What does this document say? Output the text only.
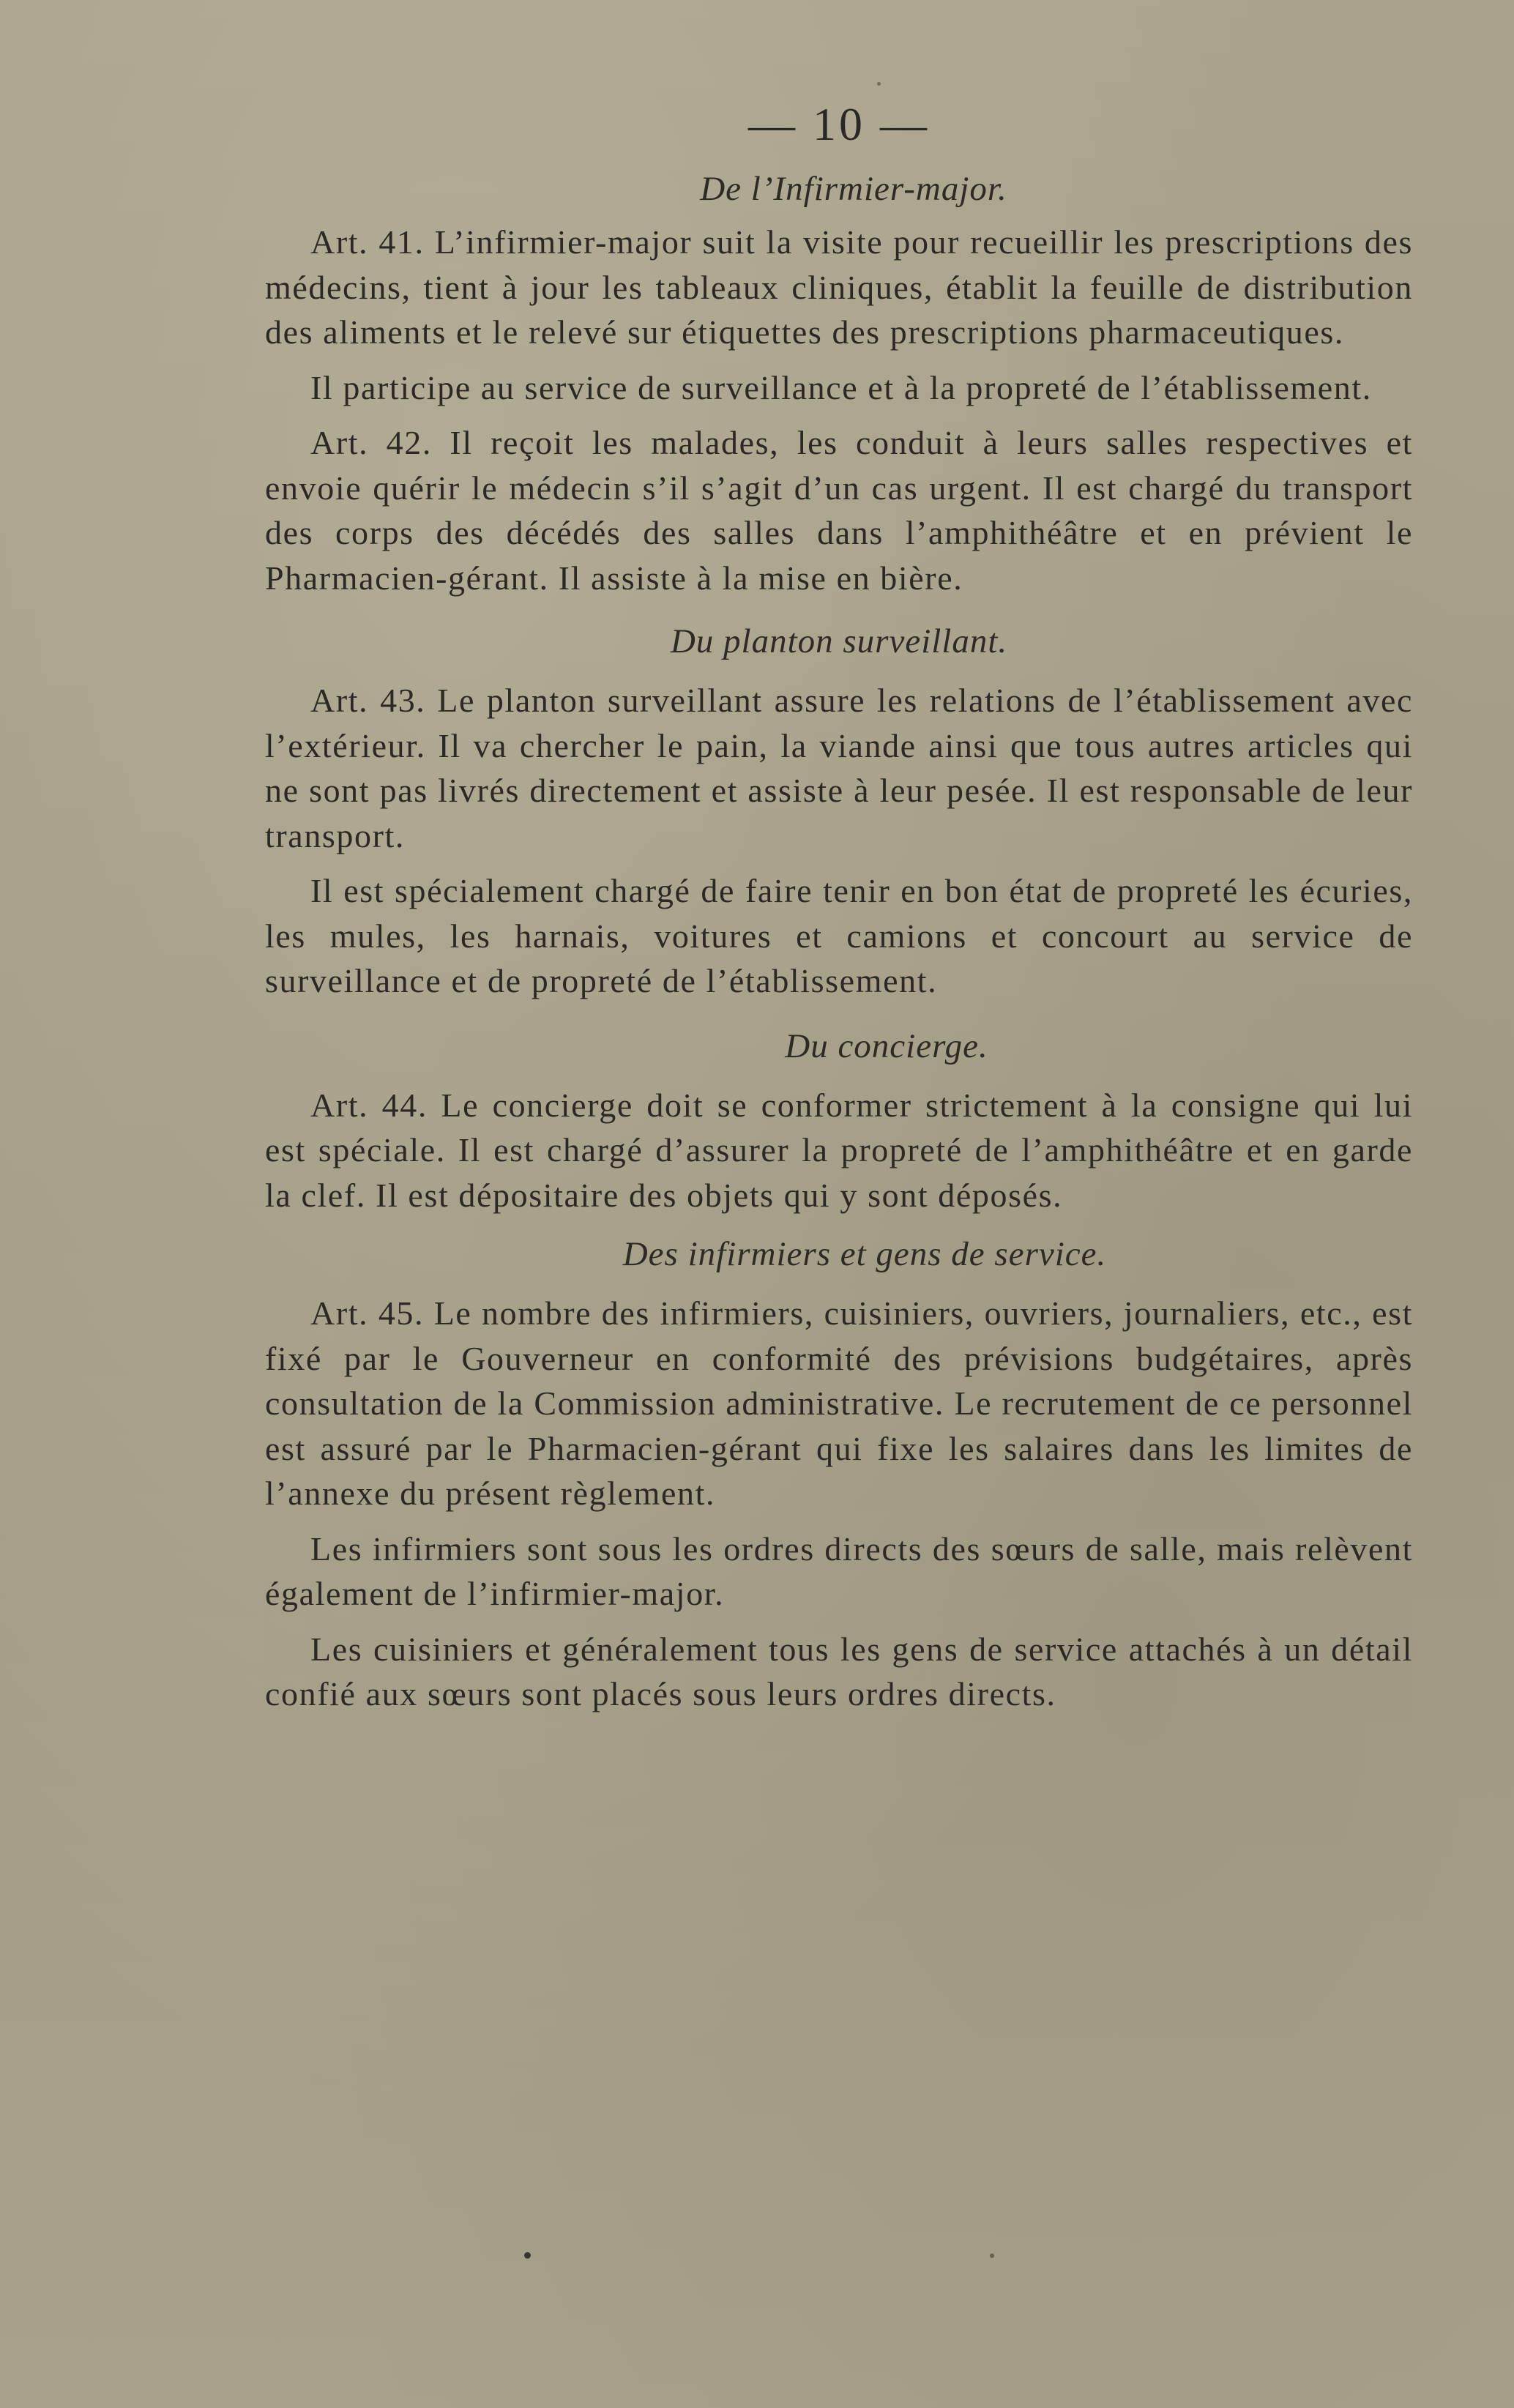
— 10 —
De l’Infirmier-major.

Art. 41. L’infirmier-major suit la visite pour recueillir les prescriptions des médecins, tient à jour les tableaux cliniques, établit la feuille de distribution des aliments et le relevé sur étiquettes des prescriptions pharmaceutiques.

Il participe au service de surveillance et à la propreté de l’établissement.

Art. 42. Il reçoit les malades, les conduit à leurs salles respectives et envoie quérir le médecin s’il s’agit d’un cas urgent. Il est chargé du transport des corps des décédés des salles dans l’amphithéâtre et en prévient le Pharmacien-gérant. Il assiste à la mise en bière.

Du planton surveillant.

Art. 43. Le planton surveillant assure les relations de l’établissement avec l’extérieur. Il va chercher le pain, la viande ainsi que tous autres articles qui ne sont pas livrés directement et assiste à leur pesée. Il est responsable de leur transport.

Il est spécialement chargé de faire tenir en bon état de propreté les écuries, les mules, les harnais, voitures et camions et concourt au service de surveillance et de propreté de l’établissement.

Du concierge.

Art. 44. Le concierge doit se conformer strictement à la consigne qui lui est spéciale. Il est chargé d’assurer la propreté de l’amphithéâtre et en garde la clef. Il est dépositaire des objets qui y sont déposés.

Des infirmiers et gens de service.

Art. 45. Le nombre des infirmiers, cuisiniers, ouvriers, journaliers, etc., est fixé par le Gouverneur en conformité des prévisions budgétaires, après consultation de la Commission administrative. Le recrutement de ce personnel est assuré par le Pharmacien-gérant qui fixe les salaires dans les limites de l’annexe du présent règlement.

Les infirmiers sont sous les ordres directs des sœurs de salle, mais relèvent également de l’infirmier-major.

Les cuisiniers et généralement tous les gens de service attachés à un détail confié aux sœurs sont placés sous leurs ordres directs.
